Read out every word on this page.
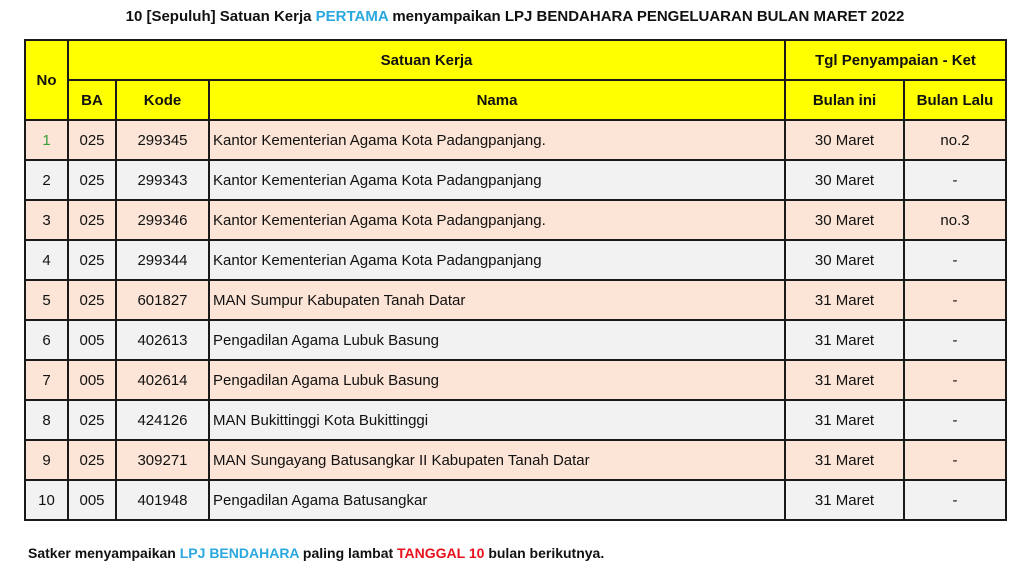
10 [Sepuluh] Satuan Kerja PERTAMA menyampaikan LPJ BENDAHARA PENGELUARAN BULAN MARET 2022
No	Satuan Kerja			Tgl Penyampaian - Ket	
	BA	Kode	Nama	Bulan ini	Bulan Lalu
1	025	299345	Kantor Kementerian Agama Kota Padangpanjang.	30 Maret	no.2
2	025	299343	Kantor Kementerian Agama Kota Padangpanjang	30 Maret	-
3	025	299346	Kantor Kementerian Agama Kota Padangpanjang.	30 Maret	no.3
4	025	299344	Kantor Kementerian Agama Kota Padangpanjang	30 Maret	-
5	025	601827	MAN Sumpur Kabupaten Tanah Datar	31 Maret	-
6	005	402613	Pengadilan Agama Lubuk Basung	31 Maret	-
7	005	402614	Pengadilan Agama Lubuk Basung	31 Maret	-
8	025	424126	MAN Bukittinggi Kota Bukittinggi	31 Maret	-
9	025	309271	MAN Sungayang Batusangkar II Kabupaten Tanah Datar	31 Maret	-
10	005	401948	Pengadilan Agama Batusangkar	31 Maret	-
Satker menyampaikan LPJ BENDAHARA paling lambat TANGGAL 10 bulan berikutnya.
